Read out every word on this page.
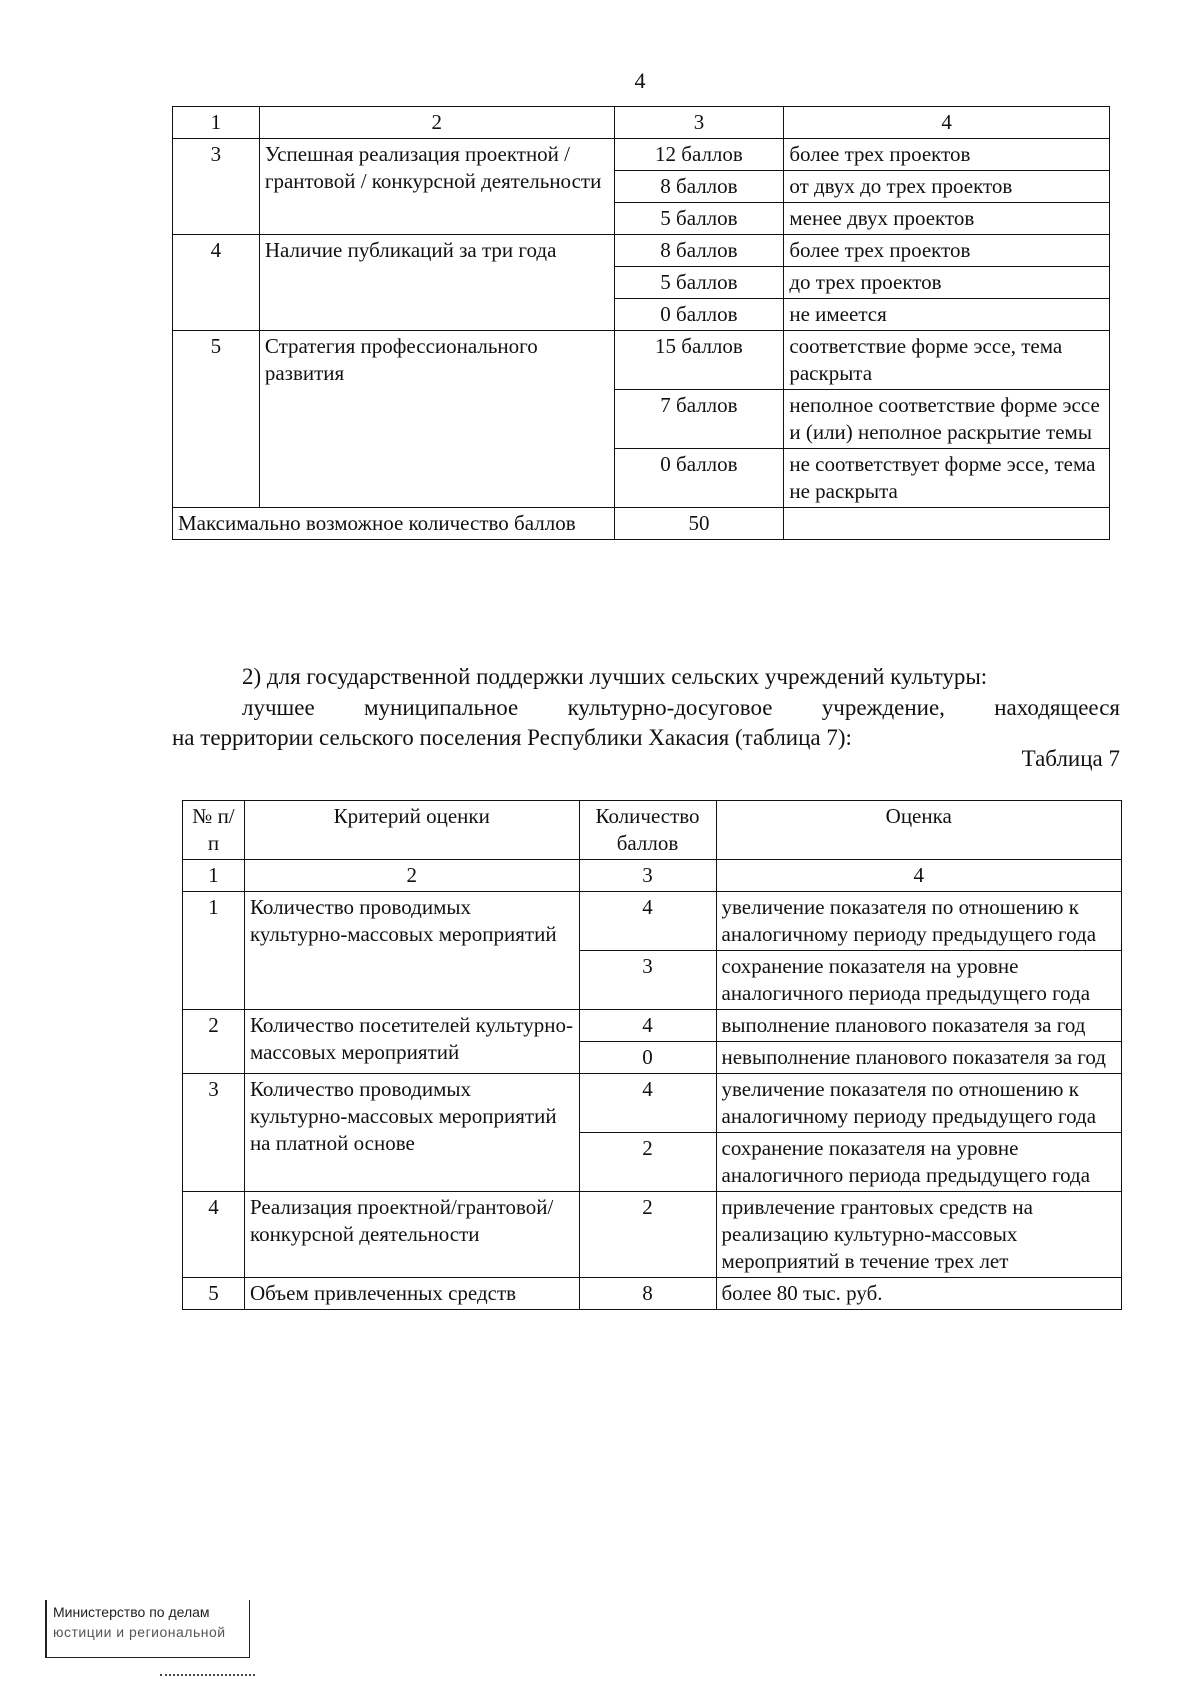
4
1	2	3	4
3	Успешная реализация проектной /грантовой / конкурсной деятельности	12 баллов	более трех проектов
		8 баллов	от двух до трех проектов
		5 баллов	менее двух проектов
4	Наличие публикаций за три года	8 баллов	более трех проектов
		5 баллов	до трех проектов
		0 баллов	не имеется
5	Стратегия профессионального развития	15 баллов	соответствие форме эссе, тема раскрыта
		7 баллов	неполное соответствие форме эссе и (или) неполное раскрытие темы
		0 баллов	не соответствует форме эссе, тема не раскрыта
Максимально возможное количество баллов		50	
2) для государственной поддержки лучших сельских учреждений культуры:
лучшее муниципальное культурно-досуговое учреждение, находящееся
на территории сельского поселения Республики Хакасия (таблица 7):
Таблица 7
№ п/п	Критерий оценки	Количество баллов	Оценка
1	2	3	4
1	Количество проводимых культурно-массовых мероприятий	4	увеличение показателя по отношению к аналогичному периоду предыдущего года
		3	сохранение показателя на уровне аналогичного периода предыдущего года
2	Количество посетителей культурно-массовых мероприятий	4	выполнение планового показателя за год
		0	невыполнение планового показателя за год
3	Количество проводимых культурно-массовых мероприятий на платной основе	4	увеличение показателя по отношению к аналогичному периоду предыдущего года
		2	сохранение показателя на уровне аналогичного периода предыдущего года
4	Реализация проектной/грантовой/ конкурсной деятельности	2	привлечение грантовых средств на реализацию культурно-массовых мероприятий в течение трех лет
5	Объем привлеченных средств	8	более 80 тыс. руб.
Министерство по делам
юстиции и региональной
